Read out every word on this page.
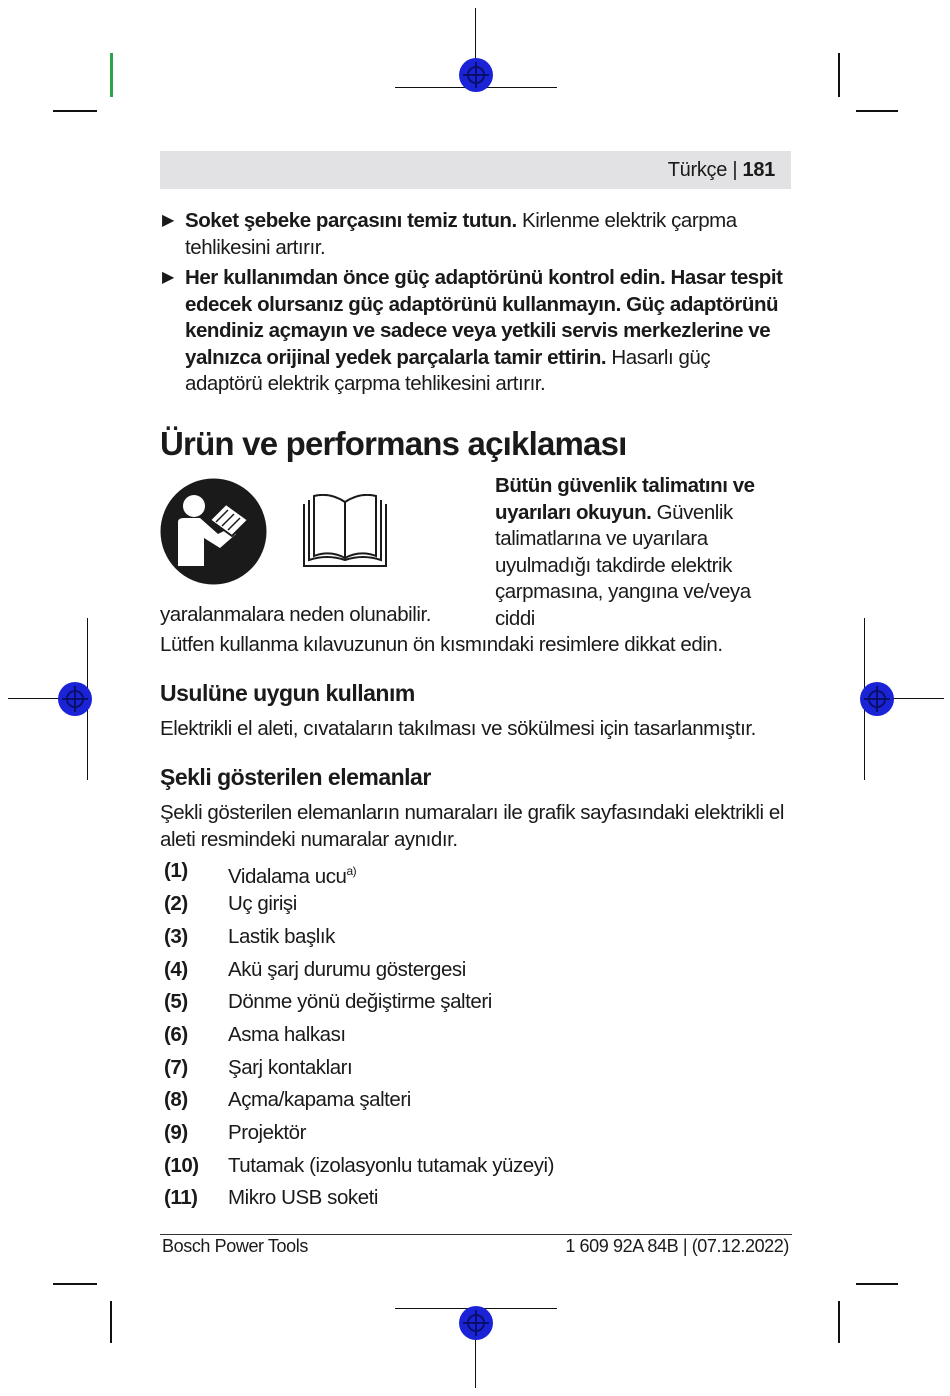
Türkçe | 181
▶ Soket şebeke parçasını temiz tutun. Kirlenme elektrik çarpma tehlikesini artırır.
▶ Her kullanımdan önce güç adaptörünü kontrol edin. Hasar tespit edecek olursanız güç adaptörünü kullanmayın. Güç adaptörünü kendiniz açmayın ve sadece veya yetkili servis merkezlerine ve yalnızca orijinal yedek parçalarla tamir ettirin. Hasarlı güç adaptörü elektrik çarpma tehlikesini artırır.
Ürün ve performans açıklaması
Bütün güvenlik talimatını ve
uyarıları okuyun. Güvenlik
talimatlarına ve uyarılara
uyulmadığı takdirde elektrik
çarpmasına, yangına ve/veya ciddi
yaralanmalara neden olunabilir.
Lütfen kullanma kılavuzunun ön kısmındaki resimlere dikkat edin.
Usulüne uygun kullanım
Elektrikli el aleti, cıvataların takılması ve sökülmesi için tasarlanmıştır.
Şekli gösterilen elemanlar
Şekli gösterilen elemanların numaraları ile grafik sayfasındaki elektrikli el
aleti resmindeki numaralar aynıdır.
(1) Vidalama ucu$^{a)}$
(2) Uç girişi
(3) Lastik başlık
(4) Akü şarj durumu göstergesi
(5) Dönme yönü değiştirme şalteri
(6) Asma halkası
(7) Şarj kontakları
(8) Açma/kapama şalteri
(9) Projektör
(10) Tutamak (izolasyonlu tutamak yüzeyi)
(11) Mikro USB soketi
Bosch Power Tools	1 609 92A 84B | (07.12.2022)
